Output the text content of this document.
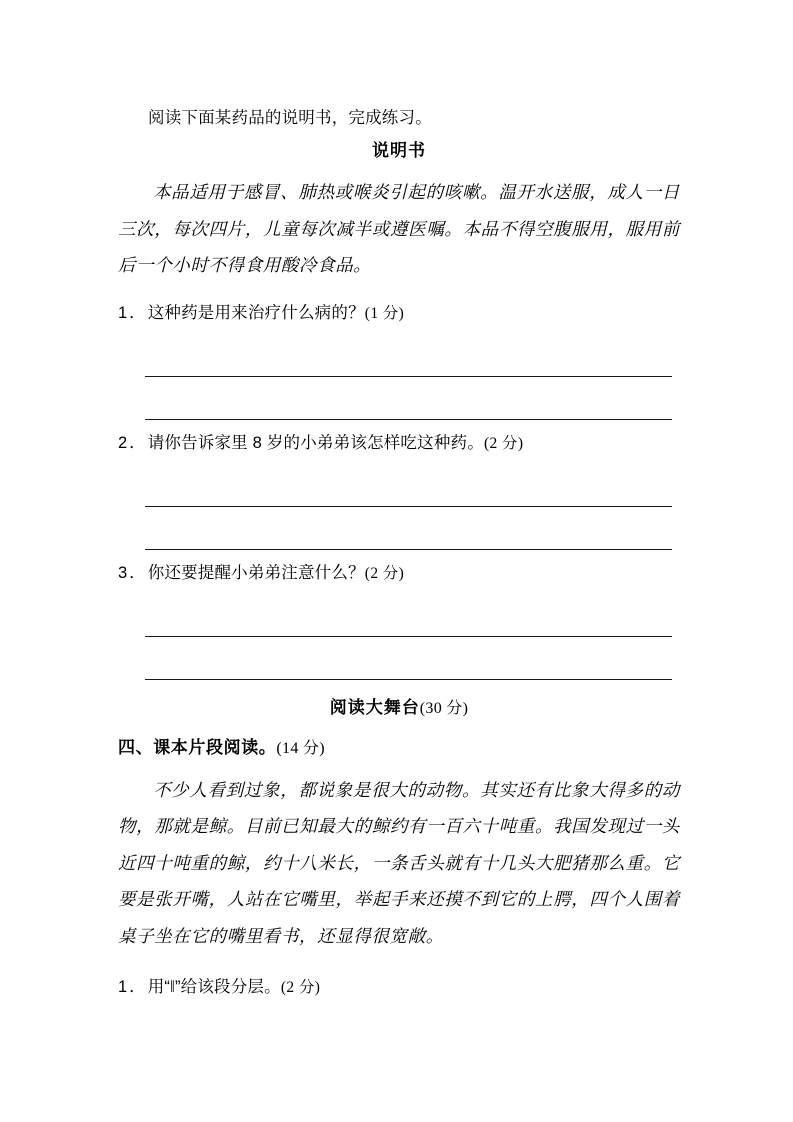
阅读下面某药品的说明书，完成练习。

说明书

本品适用于感冒、肺热或喉炎引起的咳嗽。温开水送服，成人一日三次，每次四片，儿童每次减半或遵医嘱。本品不得空腹服用，服用前后一个小时不得食用酸冷食品。

1．这种药是用来治疗什么病的？(1 分)

2．请你告诉家里 8 岁的小弟弟该怎样吃这种药。(2 分)

3．你还要提醒小弟弟注意什么？(2 分)

阅读大舞台(30 分)
四、课本片段阅读。(14 分)

不少人看到过象，都说象是很大的动物。其实还有比象大得多的动物，那就是鲸。目前已知最大的鲸约有一百六十吨重。我国发现过一头近四十吨重的鲸，约十八米长，一条舌头就有十几头大肥猪那么重。它要是张开嘴，人站在它嘴里，举起手来还摸不到它的上腭，四个人围着桌子坐在它的嘴里看书，还显得很宽敞。

1．用“‖”给该段分层。(2 分)
